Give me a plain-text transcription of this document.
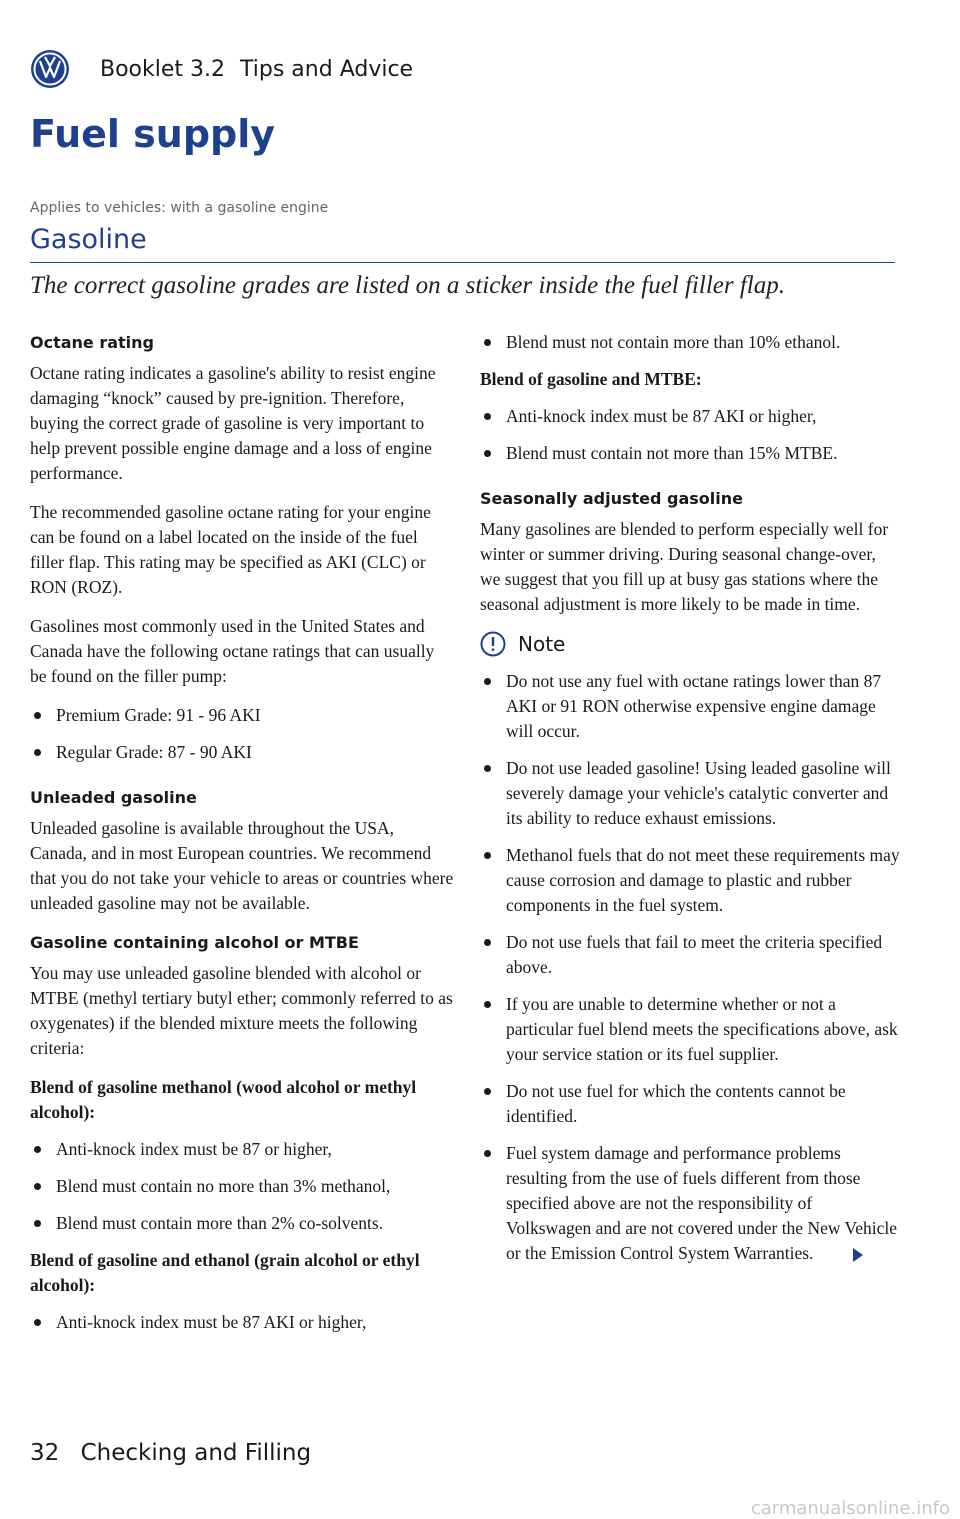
Booklet 3.2 Tips and Advice
Fuel supply
Applies to vehicles: with a gasoline engine
Gasoline
The correct gasoline grades are listed on a sticker inside the fuel filler flap.
Octane rating

Octane rating indicates a gasoline's ability to resist engine damaging “knock” caused by pre-ignition. Therefore, buying the correct grade of gasoline is very important to help prevent possible engine damage and a loss of engine performance.

The recommended gasoline octane rating for your engine can be found on a label located on the inside of the fuel filler flap. This rating may be specified as AKI (CLC) or RON (ROZ).

Gasolines most commonly used in the United States and Canada have the following octane ratings that can usually be found on the filler pump:

Premium Grade: 91 - 96 AKI
Regular Grade: 87 - 90 AKI
Unleaded gasoline

Unleaded gasoline is available throughout the USA, Canada, and in most European countries. We recommend that you do not take your vehicle to areas or countries where unleaded gasoline may not be available.

Gasoline containing alcohol or MTBE

You may use unleaded gasoline blended with alcohol or MTBE (methyl tertiary butyl ether; commonly referred to as oxygenates) if the blended mixture meets the following criteria:

Blend of gasoline methanol (wood alcohol or methyl alcohol):
Anti-knock index must be 87 or higher,
Blend must contain no more than 3% methanol,
Blend must contain more than 2% co-solvents.
Blend of gasoline and ethanol (grain alcohol or ethyl alcohol):
Anti-knock index must be 87 AKI or higher,
Blend must not contain more than 10% ethanol.
Blend of gasoline and MTBE:
Anti-knock index must be 87 AKI or higher,
Blend must contain not more than 15% MTBE.
Seasonally adjusted gasoline

Many gasolines are blended to perform especially well for winter or summer driving. During seasonal change-over, we suggest that you fill up at busy gas stations where the seasonal adjustment is more likely to be made in time.

Note
Do not use any fuel with octane ratings lower than 87 AKI or 91 RON otherwise expensive engine damage will occur.
Do not use leaded gasoline! Using leaded gasoline will severely damage your vehicle's catalytic converter and its ability to reduce exhaust emissions.
Methanol fuels that do not meet these requirements may cause corrosion and damage to plastic and rubber components in the fuel system.
Do not use fuels that fail to meet the criteria specified above.
If you are unable to determine whether or not a particular fuel blend meets the specifications above, ask your service station or its fuel supplier.
Do not use fuel for which the contents cannot be identified.
Fuel system damage and performance problems resulting from the use of fuels different from those specified above are not the responsibility of Volkswagen and are not covered under the New Vehicle or the Emission Control System Warranties.
32 Checking and Filling
carmanualsonline.info
